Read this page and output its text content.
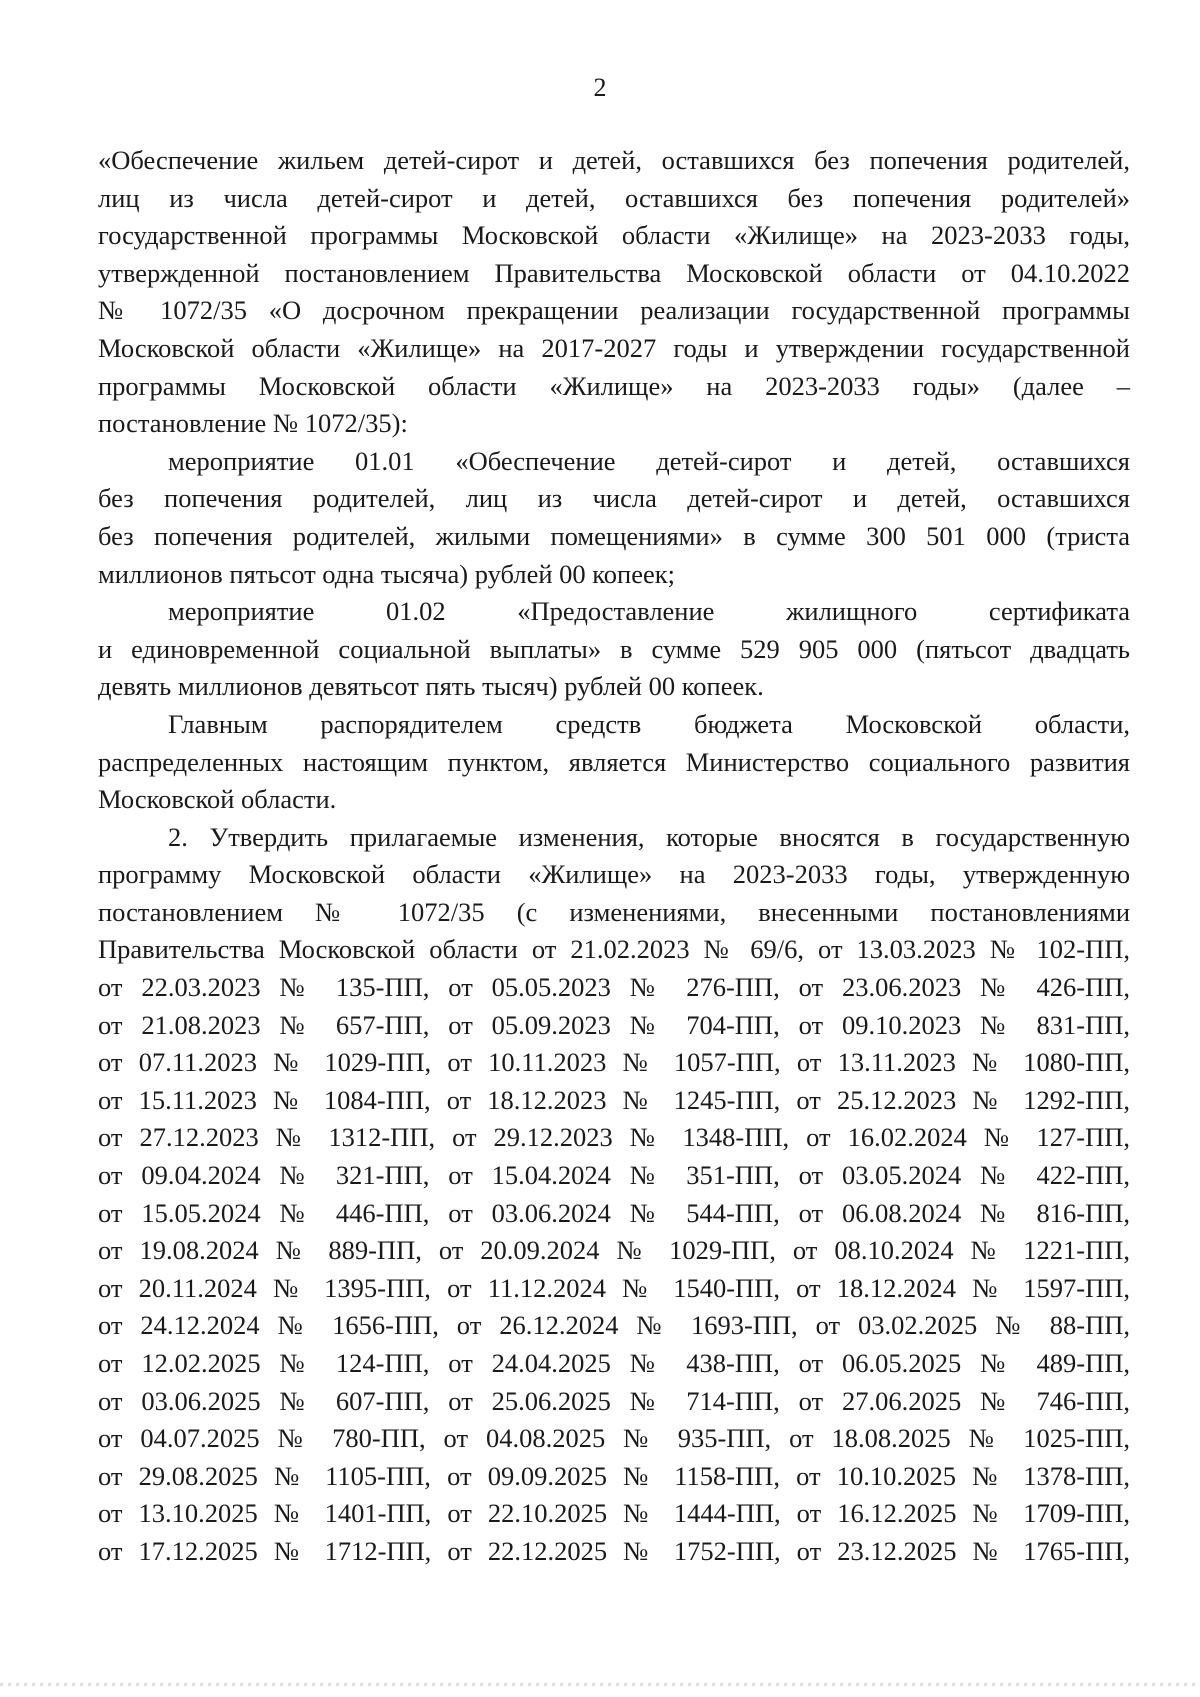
2
«Обеспечение жильем детей-сирот и детей, оставшихся без попечения родителей,
лиц из числа детей-сирот и детей, оставшихся без попечения родителей»
государственной программы Московской области «Жилище» на 2023-2033 годы,
утвержденной постановлением Правительства Московской области от 04.10.2022
№ 1072/35 «О досрочном прекращении реализации государственной программы
Московской области «Жилище» на 2017-2027 годы и утверждении государственной
программы Московской области «Жилище» на 2023-2033 годы» (далее –
постановление № 1072/35):
мероприятие 01.01 «Обеспечение детей-сирот и детей, оставшихся
без попечения родителей, лиц из числа детей-сирот и детей, оставшихся
без попечения родителей, жилыми помещениями» в сумме 300 501 000 (триста
миллионов пятьсот одна тысяча) рублей 00 копеек;
мероприятие 01.02 «Предоставление жилищного сертификата
и единовременной социальной выплаты» в сумме 529 905 000 (пятьсот двадцать
девять миллионов девятьсот пять тысяч) рублей 00 копеек.
Главным распорядителем средств бюджета Московской области,
распределенных настоящим пунктом, является Министерство социального развития
Московской области.
2. Утвердить прилагаемые изменения, которые вносятся в государственную
программу Московской области «Жилище» на 2023-2033 годы, утвержденную
постановлением № 1072/35 (с изменениями, внесенными постановлениями
Правительства Московской области от 21.02.2023 № 69/6, от 13.03.2023 № 102-ПП,
от 22.03.2023 № 135-ПП, от 05.05.2023 № 276-ПП, от 23.06.2023 № 426-ПП,
от 21.08.2023 № 657-ПП, от 05.09.2023 № 704-ПП, от 09.10.2023 № 831-ПП,
от 07.11.2023 № 1029-ПП, от 10.11.2023 № 1057-ПП, от 13.11.2023 № 1080-ПП,
от 15.11.2023 № 1084-ПП, от 18.12.2023 № 1245-ПП, от 25.12.2023 № 1292-ПП,
от 27.12.2023 № 1312-ПП, от 29.12.2023 № 1348-ПП, от 16.02.2024 № 127-ПП,
от 09.04.2024 № 321-ПП, от 15.04.2024 № 351-ПП, от 03.05.2024 № 422-ПП,
от 15.05.2024 № 446-ПП, от 03.06.2024 № 544-ПП, от 06.08.2024 № 816-ПП,
от 19.08.2024 № 889-ПП, от 20.09.2024 № 1029-ПП, от 08.10.2024 № 1221-ПП,
от 20.11.2024 № 1395-ПП, от 11.12.2024 № 1540-ПП, от 18.12.2024 № 1597-ПП,
от 24.12.2024 № 1656-ПП, от 26.12.2024 № 1693-ПП, от 03.02.2025 № 88-ПП,
от 12.02.2025 № 124-ПП, от 24.04.2025 № 438-ПП, от 06.05.2025 № 489-ПП,
от 03.06.2025 № 607-ПП, от 25.06.2025 № 714-ПП, от 27.06.2025 № 746-ПП,
от 04.07.2025 № 780-ПП, от 04.08.2025 № 935-ПП, от 18.08.2025 № 1025-ПП,
от 29.08.2025 № 1105-ПП, от 09.09.2025 № 1158-ПП, от 10.10.2025 № 1378-ПП,
от 13.10.2025 № 1401-ПП, от 22.10.2025 № 1444-ПП, от 16.12.2025 № 1709-ПП,
от 17.12.2025 № 1712-ПП, от 22.12.2025 № 1752-ПП, от 23.12.2025 № 1765-ПП,
